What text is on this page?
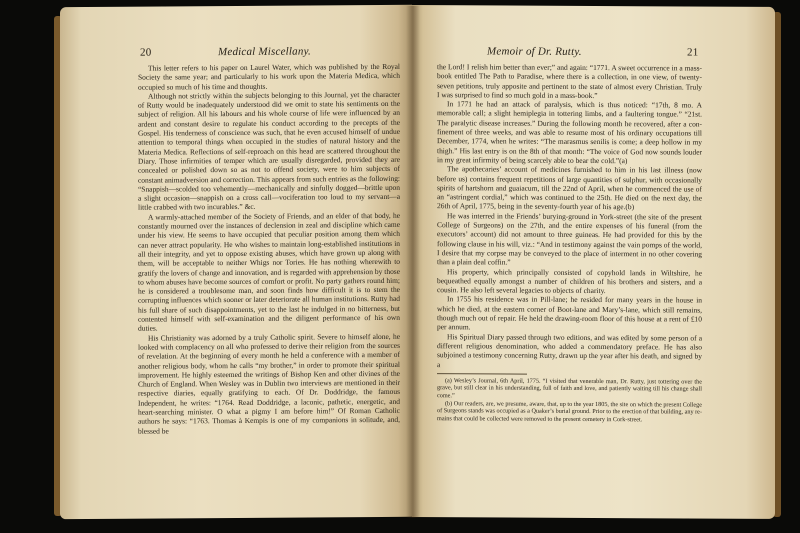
20	Medical Miscellany.

This letter refers to his paper on Laurel Water, which was published by the Royal Society the same year; and particularly to his work upon the Materia Medica, which occupied so much of his time and thoughts.

Although not strictly within the subjects belonging to this Journal, yet the character of Rutty would be inadequately understood did we omit to state his sentiments on the subject of religion. All his labours and his whole course of life were influenced by an ardent and constant desire to regulate his conduct according to the precepts of the Gospel. His tenderness of conscience was such, that he even accused himself of undue attention to temporal things when occupied in the studies of natural history and the Materia Medica. Reflections of self-reproach on this head are scattered throughout the Diary. Those infirmities of temper which are usually disregarded, provided they are concealed or polished down so as not to offend society, were to him subjects of constant animadversion and correction. This appears from such entries as the following: “Snappish—scolded too vehemently—mechanically and sinfully dogged—brittle upon a slight occasion—snappish on a cross call—vociferation too loud to my servant—a little crabbed with two incurables.” &c.

A warmly-attached member of the Society of Friends, and an elder of that body, he constantly mourned over the instances of declension in zeal and discipline which came under his view. He seems to have occupied that peculiar position among them which can never attract popularity. He who wishes to maintain long-established institutions in all their integrity, and yet to oppose existing abuses, which have grown up along with them, will be acceptable to neither Whigs nor Tories. He has nothing wherewith to gratify the lovers of change and innovation, and is regarded with apprehension by those to whom abuses have become sources of comfort or profit. No party gathers round him; he is considered a troublesome man, and soon finds how difficult it is to stem the corrupting influences which sooner or later deteriorate all human institutions. Rutty had his full share of such disappointments, yet to the last he indulged in no bitterness, but contented himself with self-examination and the diligent performance of his own duties.

His Christianity was adorned by a truly Catholic spirit. Severe to himself alone, he looked with complacency on all who professed to derive their religion from the sources of revelation. At the beginning of every month he held a conference with a member of another religious body, whom he calls “my brother,” in order to promote their spiritual improvement. He highly esteemed the writings of Bishop Ken and other divines of the Church of England. When Wesley was in Dublin two interviews are mentioned in their respective diaries, equally gratifying to each. Of Dr. Doddridge, the famous Independent, he writes: “1764. Read Doddridge, a laconic, pathetic, energetic, and heart-searching minister. O what a pigmy I am before him!” Of Roman Catholic authors he says: “1763. Thomas à Kempis is one of my companions in solitude, and, blessed be

Memoir of Dr. Rutty.	21

the Lord! I relish him better than ever;” and again: “1771. A sweet occurrence in a mass-book entitled The Path to Paradise, where there is a collection, in one view, of twenty-seven petitions, truly apposite and pertinent to the state of almost every Christian. Truly I was surprised to find so much gold in a mass-book.”

In 1771 he had an attack of paralysis, which is thus noticed: “17th, 8 mo. A memorable call; a slight hemiplegia in tottering limbs, and a faultering tongue.” “21st. The paralytic disease increases.” During the following month he recovered, after a confinement of three weeks, and was able to resume most of his ordinary occupations till December, 1774, when he writes: “The marasmus senilis is come; a deep hollow in my thigh.” His last entry is on the 8th of that month: “The voice of God now sounds louder in my great infirmity of being scarcely able to bear the cold.”(a)

The apothecaries’ account of medicines furnished to him in his last illness (now before us) contains frequent repetitions of large quantities of sulphur, with occasionally spirits of hartshorn and guaiacum, till the 22nd of April, when he commenced the use of an “astringent cordial,” which was continued to the 25th. He died on the next day, the 26th of April, 1775, being in the seventy-fourth year of his age.(b)

He was interred in the Friends’ burying-ground in York-street (the site of the present College of Surgeons) on the 27th, and the entire expenses of his funeral (from the executors’ account) did not amount to three guineas. He had provided for this by the following clause in his will, viz.: “And in testimony against the vain pomps of the world, I desire that my corpse may be conveyed to the place of interment in no other covering than a plain deal coffin.”

His property, which principally consisted of copyhold lands in Wiltshire, he bequeathed equally amongst a number of children of his brothers and sisters, and a cousin. He also left several legacies to objects of charity.

In 1755 his residence was in Pill-lane; he resided for many years in the house in which he died, at the eastern corner of Boot-lane and Mary’s-lane, which still remains, though much out of repair. He held the drawing-room floor of this house at a rent of £10 per annum.

His Spiritual Diary passed through two editions, and was edited by some person of a different religious denomination, who added a commendatory preface. He has also subjoined a testimony concerning Rutty, drawn up the year after his death, and signed by a

(a) Wesley’s Journal, 6th April, 1775. “I visited that venerable man, Dr. Rutty, just tottering over the grave, but still clear in his understanding, full of faith and love, and patiently waiting till his change shall come.”

(b) Our readers, are, we presume, aware, that, up to the year 1805, the site on which the present College of Surgeons stands was occupied as a Quaker’s burial ground. Prior to the erection of that building, any remains that could be collected were removed to the present cemetery in Cork-street.
